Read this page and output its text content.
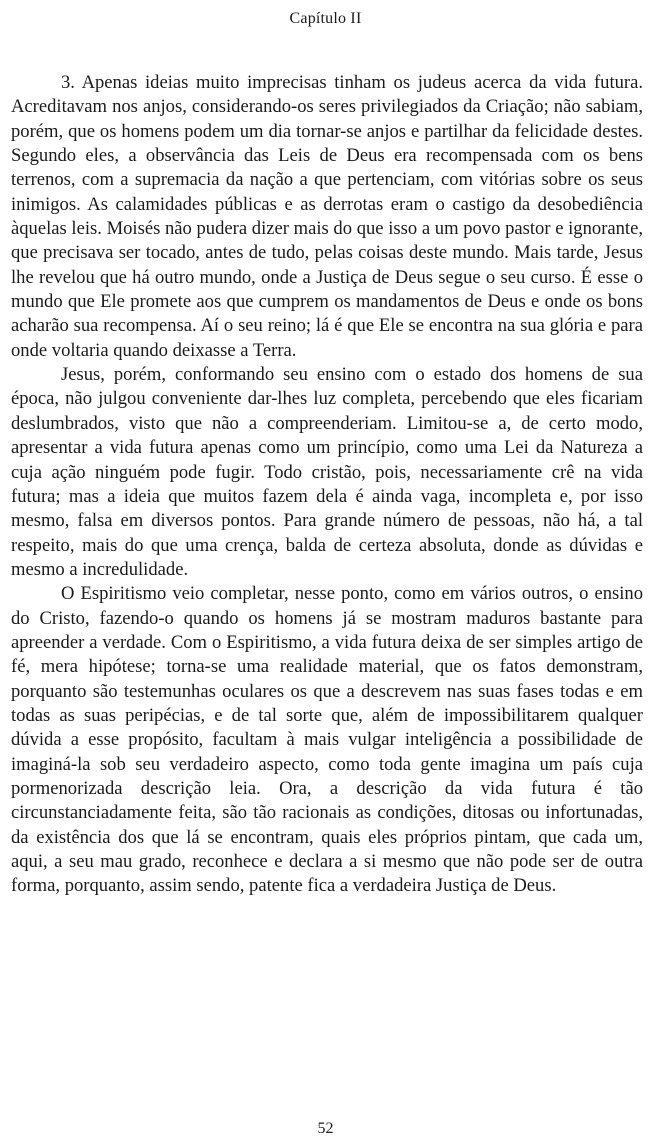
Capítulo II

3. Apenas ideias muito imprecisas tinham os judeus acerca da vida futura. Acreditavam nos anjos, considerando-os seres privilegiados da Criação; não sabiam, porém, que os homens podem um dia tornar-se anjos e partilhar da felicidade destes. Segundo eles, a observância das Leis de Deus era recompensada com os bens terrenos, com a supremacia da nação a que pertenciam, com vitórias sobre os seus inimigos. As calamidades públicas e as derrotas eram o castigo da desobediência àquelas leis. Moisés não pudera dizer mais do que isso a um povo pastor e ignorante, que precisava ser tocado, antes de tudo, pelas coisas deste mundo. Mais tarde, Jesus lhe revelou que há outro mundo, onde a Justiça de Deus segue o seu curso. É esse o mundo que Ele promete aos que cumprem os mandamentos de Deus e onde os bons acharão sua recompensa. Aí o seu reino; lá é que Ele se encontra na sua glória e para onde voltaria quando deixasse a Terra.

Jesus, porém, conformando seu ensino com o estado dos homens de sua época, não julgou conveniente dar-lhes luz completa, percebendo que eles ficariam deslumbrados, visto que não a compreenderiam. Limitou-se a, de certo modo, apresentar a vida futura apenas como um princípio, como uma Lei da Natureza a cuja ação ninguém pode fugir. Todo cristão, pois, necessariamente crê na vida futura; mas a ideia que muitos fazem dela é ainda vaga, incompleta e, por isso mesmo, falsa em diversos pontos. Para grande número de pessoas, não há, a tal respeito, mais do que uma crença, balda de certeza absoluta, donde as dúvidas e mesmo a incredulidade.

O Espiritismo veio completar, nesse ponto, como em vários outros, o ensino do Cristo, fazendo-o quando os homens já se mostram maduros bastante para apreender a verdade. Com o Espiritismo, a vida futura deixa de ser simples artigo de fé, mera hipótese; torna-se uma realidade material, que os fatos demonstram, porquanto são testemunhas oculares os que a descrevem nas suas fases todas e em todas as suas peripécias, e de tal sorte que, além de impossibilitarem qualquer dúvida a esse propósito, facultam à mais vulgar inteligência a possibilidade de imaginá-la sob seu verdadeiro aspecto, como toda gente imagina um país cuja pormenorizada descrição leia. Ora, a descrição da vida futura é tão circunstanciadamente feita, são tão racionais as condições, ditosas ou infortunadas, da existência dos que lá se encontram, quais eles próprios pintam, que cada um, aqui, a seu mau grado, reconhece e declara a si mesmo que não pode ser de outra forma, porquanto, assim sendo, patente fica a verdadeira Justiça de Deus.

52
